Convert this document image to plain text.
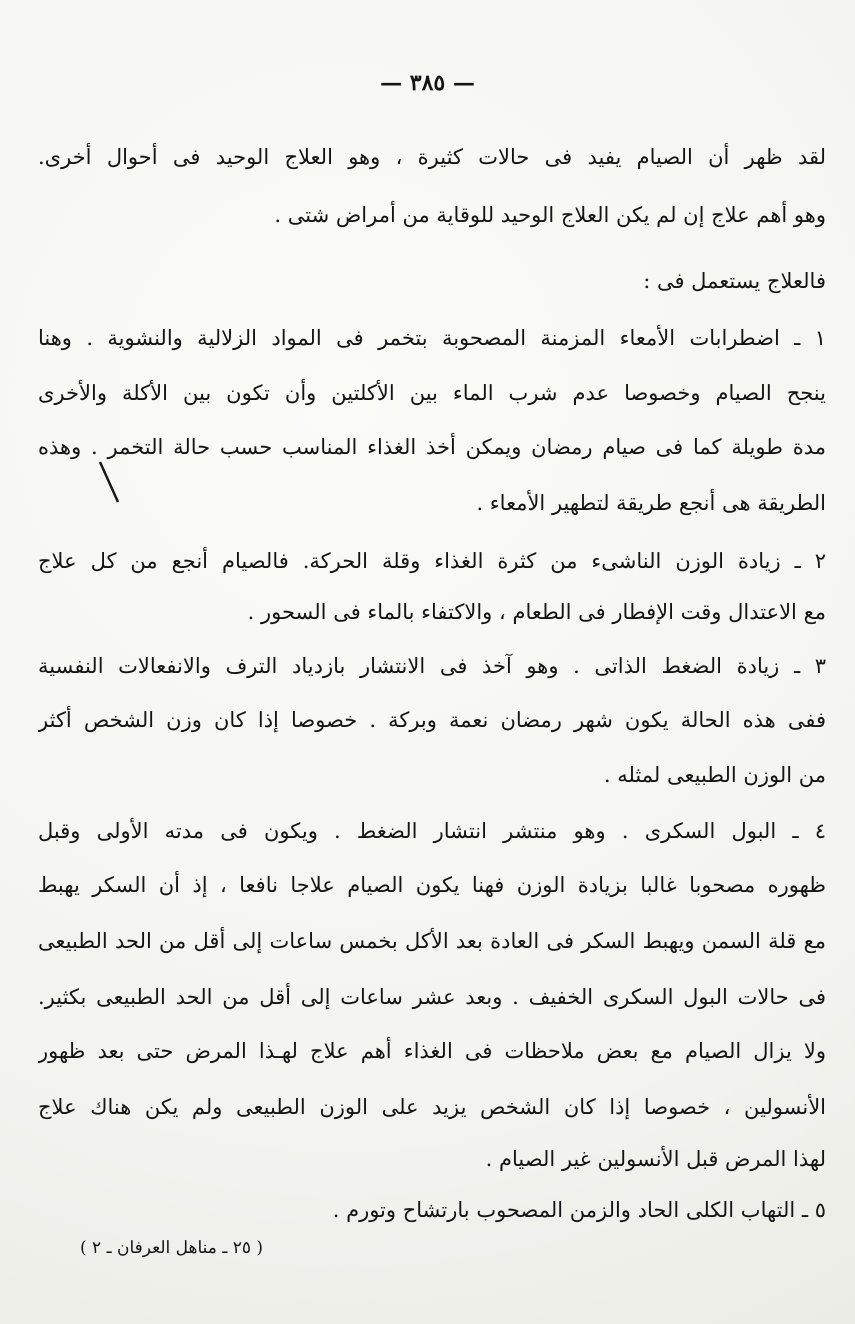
— ٣٨٥ —
لقد ظهر أن الصيام يفيد فى حالات كثيرة ، وهو العلاج الوحيد فى أحوال أخرى.
وهو أهم علاج إن لم يكن العلاج الوحيد للوقاية من أمراض شتى .
فالعلاج يستعمل فى :
١ ـ اضطرابات الأمعاء المزمنة المصحوبة بتخمر فى المواد الزلالية والنشوية . وهنا
ينجح الصيام وخصوصا عدم شرب الماء بين الأكلتين وأن تكون بين الأكلة والأخرى
مدة طويلة كما فى صيام رمضان ويمكن أخذ الغذاء المناسب حسب حالة التخمر . وهذه
الطريقة هى أنجع طريقة لتطهير الأمعاء .
٢ ـ زيادة الوزن الناشىء من كثرة الغذاء وقلة الحركة. فالصيام أنجع من كل علاج
مع الاعتدال وقت الإفطار فى الطعام ، والاكتفاء بالماء فى السحور .
٣ ـ زيادة الضغط الذاتى . وهو آخذ فى الانتشار بازدياد الترف والانفعالات النفسية
ففى هذه الحالة يكون شهر رمضان نعمة وبركة . خصوصا إذا كان وزن الشخص أكثر
من الوزن الطبيعى لمثله .
٤ ـ البول السكرى . وهو منتشر انتشار الضغط . ويكون فى مدته الأولى وقبل
ظهوره مصحوبا غالبا بزيادة الوزن فهنا يكون الصيام علاجا نافعا ، إذ أن السكر يهبط
مع قلة السمن ويهبط السكر فى العادة بعد الأكل بخمس ساعات إلى أقل من الحد الطبيعى
فى حالات البول السكرى الخفيف . وبعد عشر ساعات إلى أقل من الحد الطبيعى بكثير.
ولا يزال الصيام مع بعض ملاحظات فى الغذاء أهم علاج لهـذا المرض حتى بعد ظهور
الأنسولين ، خصوصا إذا كان الشخص يزيد على الوزن الطبيعى ولم يكن هناك علاج
لهذا المرض قبل الأنسولين غير الصيام .
٥ ـ التهاب الكلى الحاد والزمن المصحوب بارتشاح وتورم .
( ٢٥ ـ مناهل العرفان ـ ٢ )
